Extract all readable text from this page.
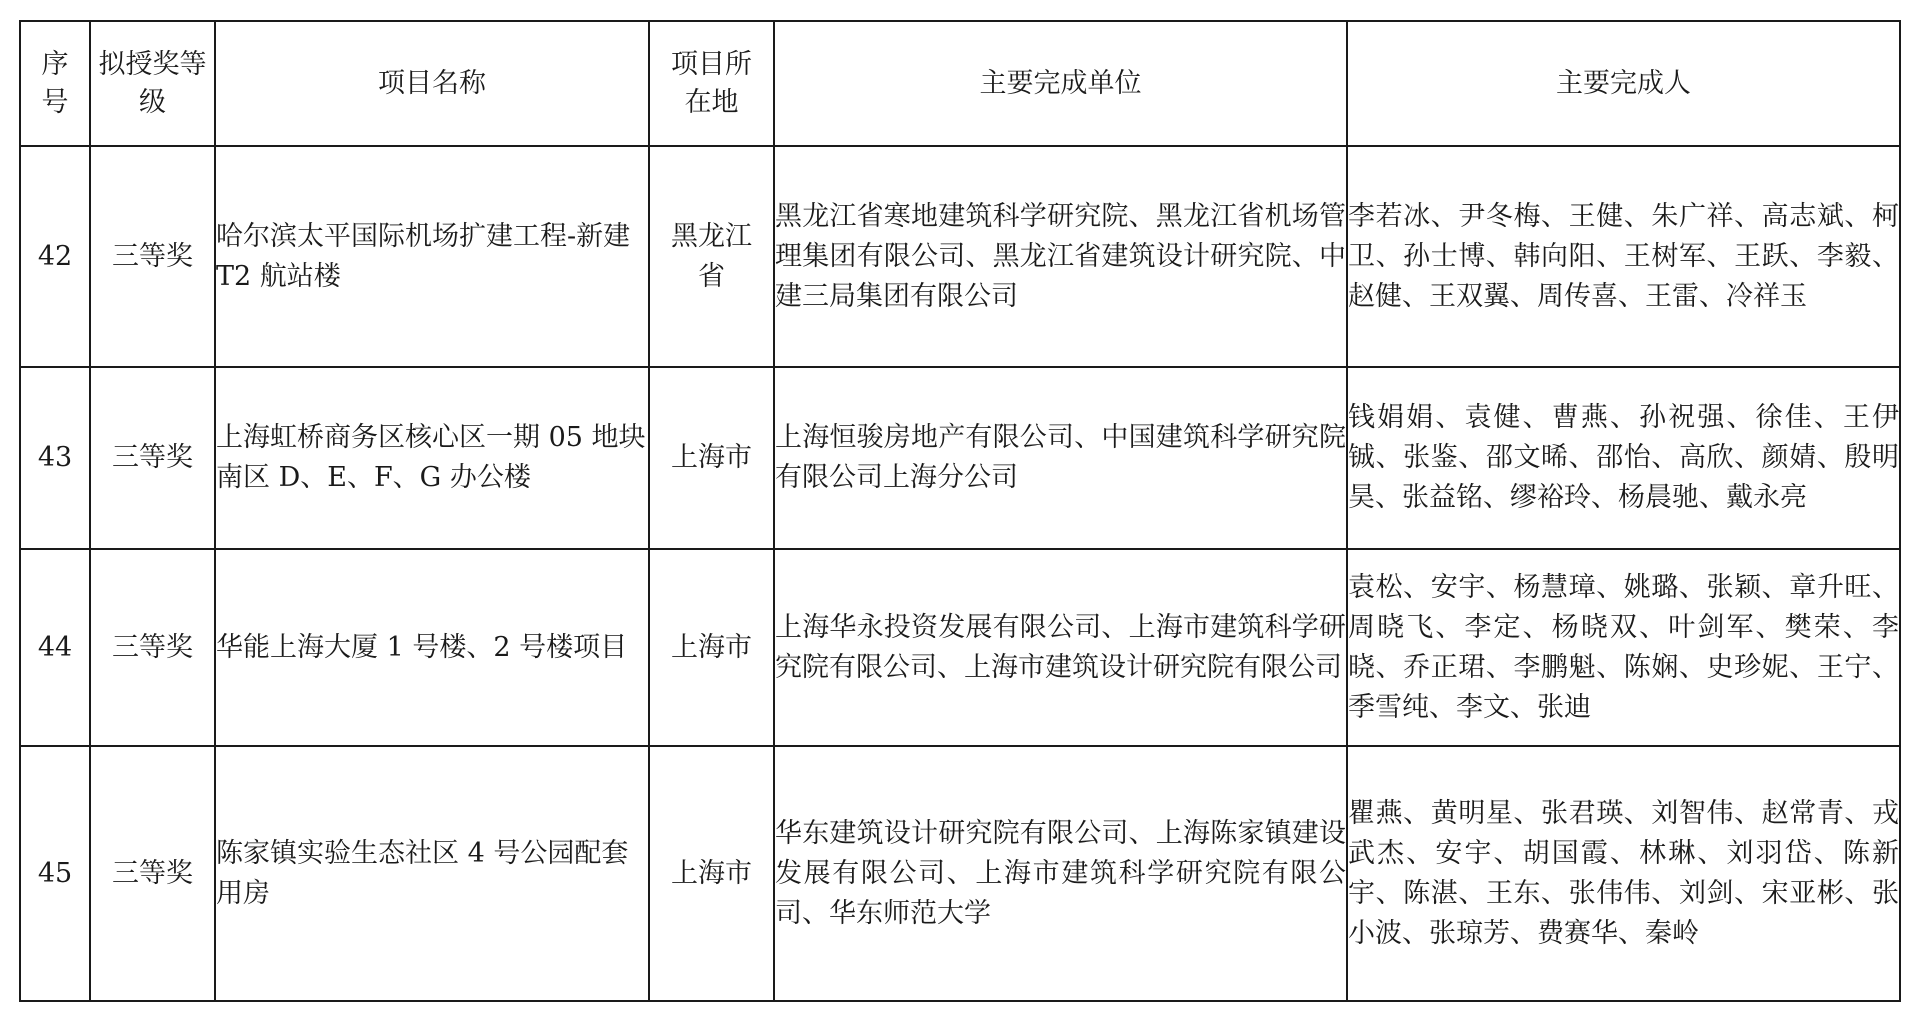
序号	拟授奖等级	项目名称	项目所在地	主要完成单位	主要完成人
42	三等奖	哈尔滨太平国际机场扩建工程-新建 T2 航站楼	黑龙江省	黑龙江省寒地建筑科学研究院、黑龙江省机场管理集团有限公司、黑龙江省建筑设计研究院、中建三局集团有限公司	李若冰、尹冬梅、王健、朱广祥、高志斌、柯卫、孙士博、韩向阳、王树军、王跃、李毅、赵健、王双翼、周传喜、王雷、冷祥玉
43	三等奖	上海虹桥商务区核心区一期 05 地块南区 D、E、F、G 办公楼	上海市	上海恒骏房地产有限公司、中国建筑科学研究院有限公司上海分公司	钱娟娟、袁健、曹燕、孙祝强、徐佳、王伊铖、张鉴、邵文晞、邵怡、高欣、颜婧、殷明昊、张益铭、缪裕玲、杨晨驰、戴永亮
44	三等奖	华能上海大厦 1 号楼、2 号楼项目	上海市	上海华永投资发展有限公司、上海市建筑科学研究院有限公司、上海市建筑设计研究院有限公司	袁松、安宇、杨慧璋、姚璐、张颖、章升旺、周晓飞、李定、杨晓双、叶剑军、樊荣、李晓、乔正珺、李鹏魁、陈娴、史珍妮、王宁、季雪纯、李文、张迪
45	三等奖	陈家镇实验生态社区 4 号公园配套用房	上海市	华东建筑设计研究院有限公司、上海陈家镇建设发展有限公司、上海市建筑科学研究院有限公司、华东师范大学	瞿燕、黄明星、张君瑛、刘智伟、赵常青、戎武杰、安宇、胡国霞、林琳、刘羽岱、陈新宇、陈湛、王东、张伟伟、刘剑、宋亚彬、张小波、张琼芳、费赛华、秦岭
